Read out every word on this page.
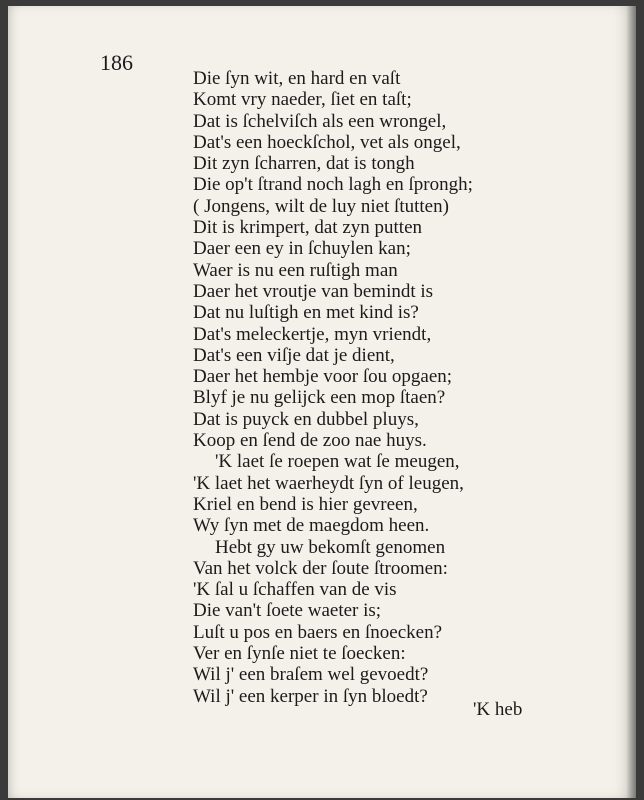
186
Die ſyn wit, en hard en vaſt
Komt vry naeder, ſiet en taſt;
Dat is ſchelviſch als een wrongel,
Dat's een hoeckſchol, vet als ongel,
Dit zyn ſcharren, dat is tongh
Die op't ſtrand noch lagh en ſprongh;
( Jongens, wilt de luy niet ſtutten)
Dit is krimpert, dat zyn putten
Daer een ey in ſchuylen kan;
Waer is nu een ruſtigh man
Daer het vroutje van bemindt is
Dat nu luſtigh en met kind is?
Dat's meleckertje, myn vriendt,
Dat's een viſje dat je dient,
Daer het hembje voor ſou opgaen;
Blyf je nu gelijck een mop ſtaen?
Dat is puyck en dubbel pluys,
Koop en ſend de zoo nae huys.
'K laet ſe roepen wat ſe meugen,
'K laet het waerheydt ſyn of leugen,
Kriel en bend is hier gevreen,
Wy ſyn met de maegdom heen.
Hebt gy uw bekomſt genomen
Van het volck der ſoute ſtroomen:
'K ſal u ſchaffen van de vis
Die van't ſoete waeter is;
Luſt u pos en baers en ſnoecken?
Ver en ſynſe niet te ſoecken:
Wil j' een braſem wel gevoedt?
Wil j' een kerper in ſyn bloedt?
'K heb
